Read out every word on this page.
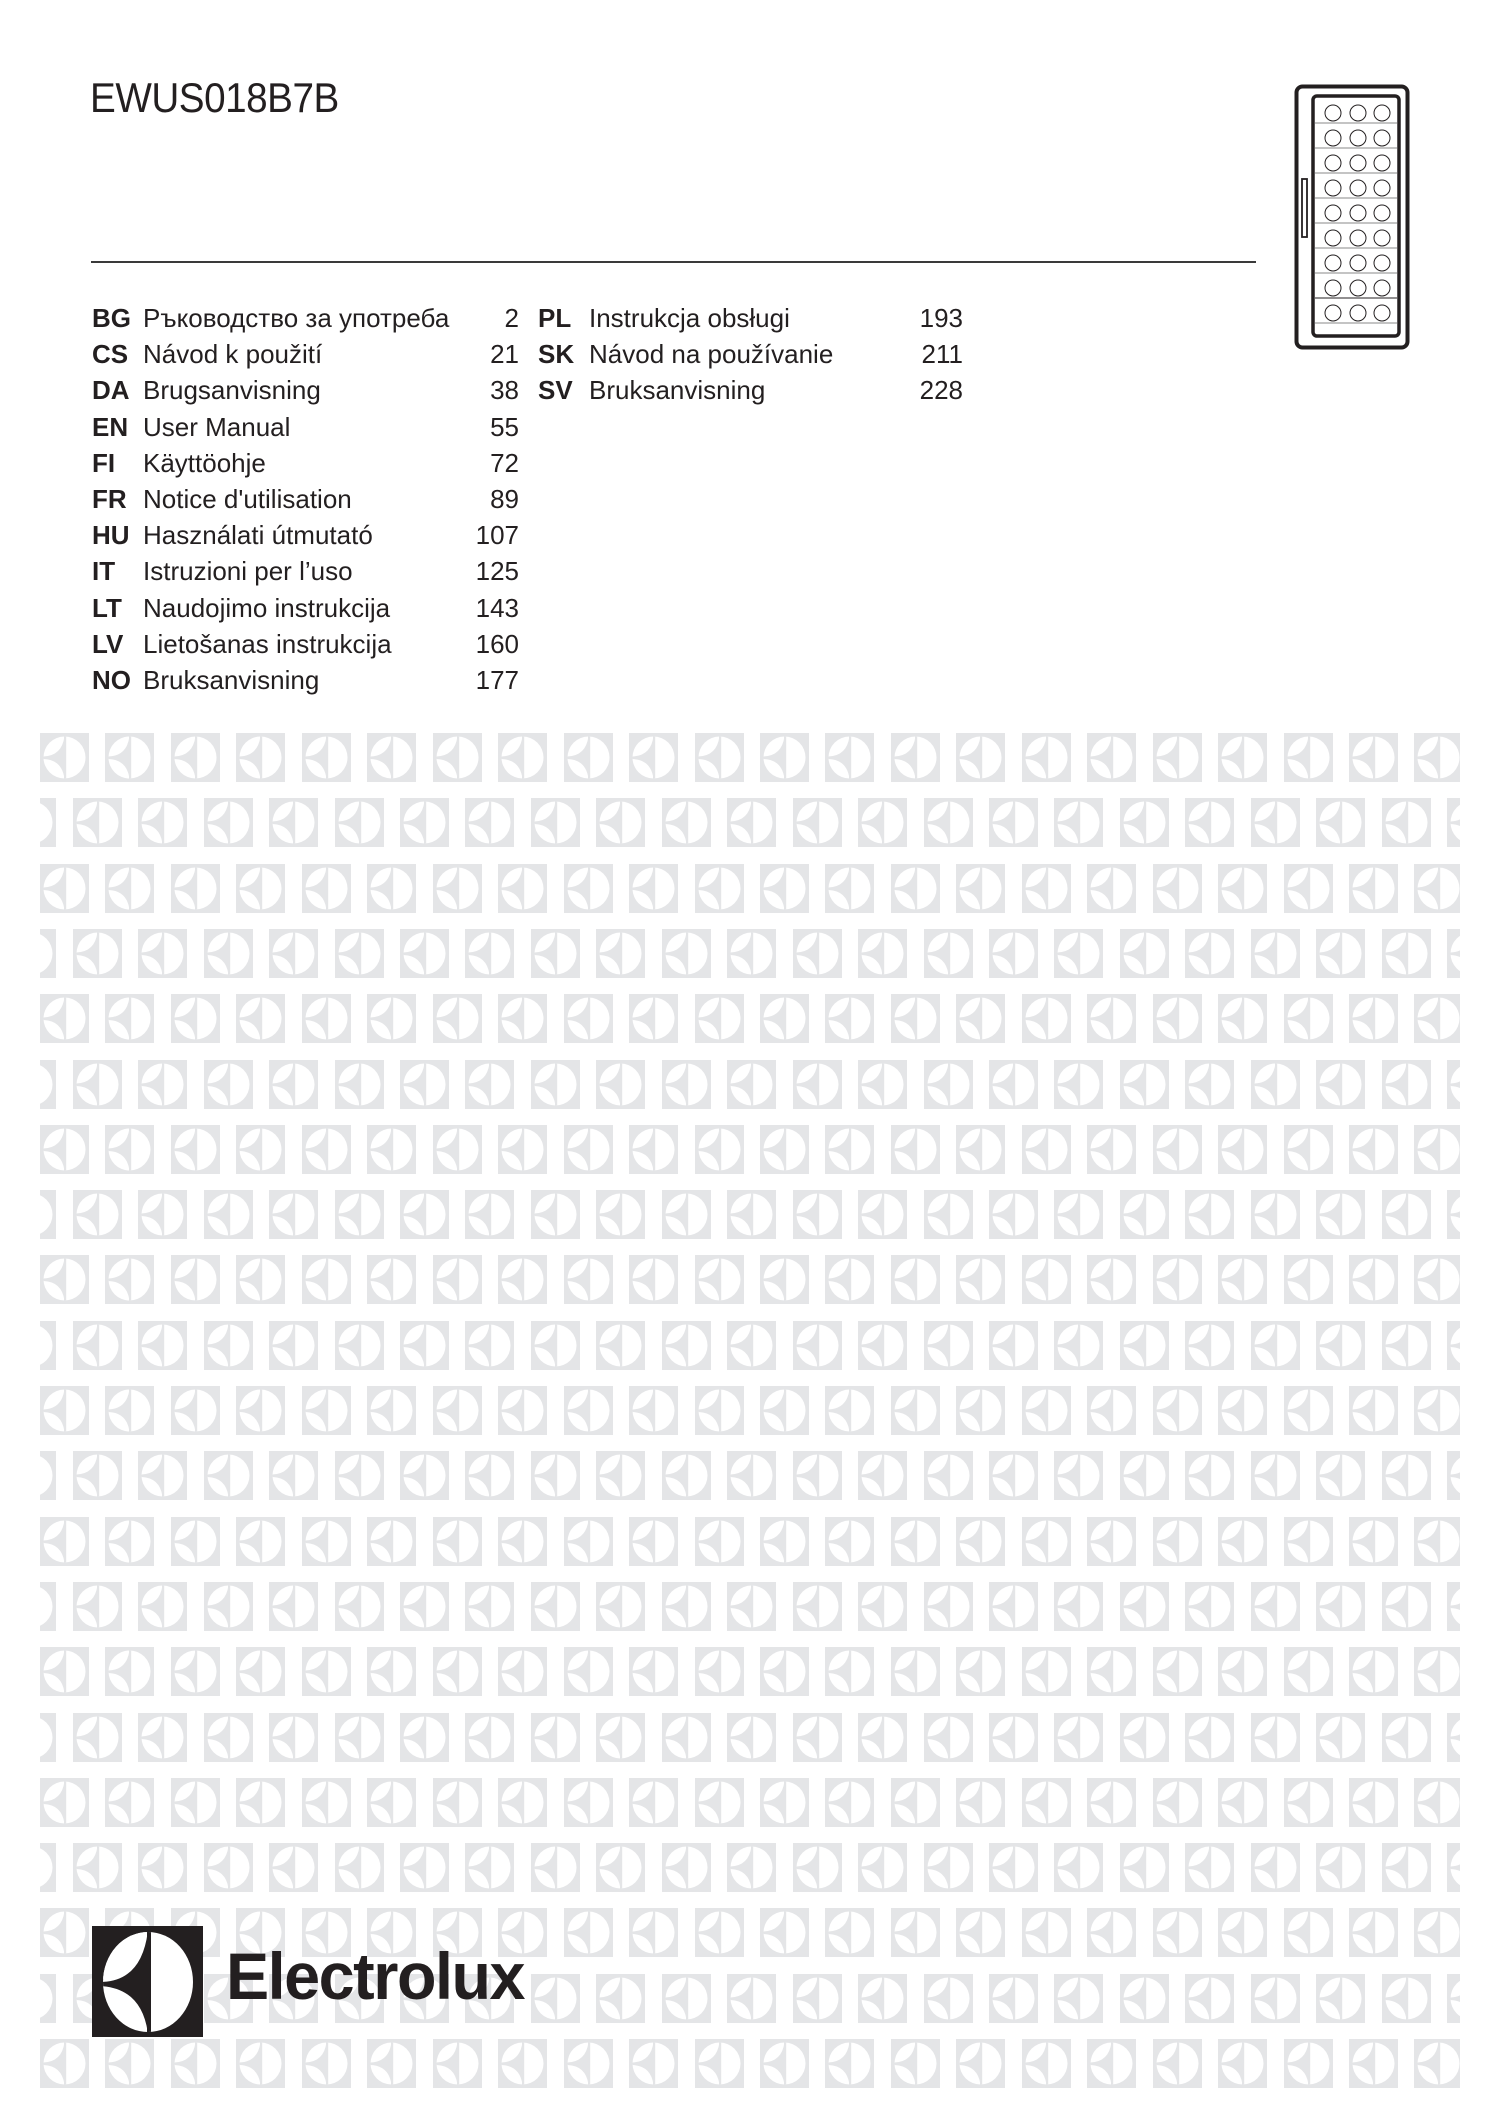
EWUS018B7B
BG Ръководство за употреба 2
CS Návod k použití	21
DA Brugsanvisning	38
EN User Manual	55
FI Käyttöohje	72
FR Notice d'utilisation	89
HU Használati útmutató	107
IT Istruzioni per l’uso	125
LT Naudojimo instrukcija	143
LV Lietošanas instrukcija	160
NO Bruksanvisning	177
PL Instrukcja obsługi	193
SK Návod na používanie	211
SV Bruksanvisning	228
Electrolux
